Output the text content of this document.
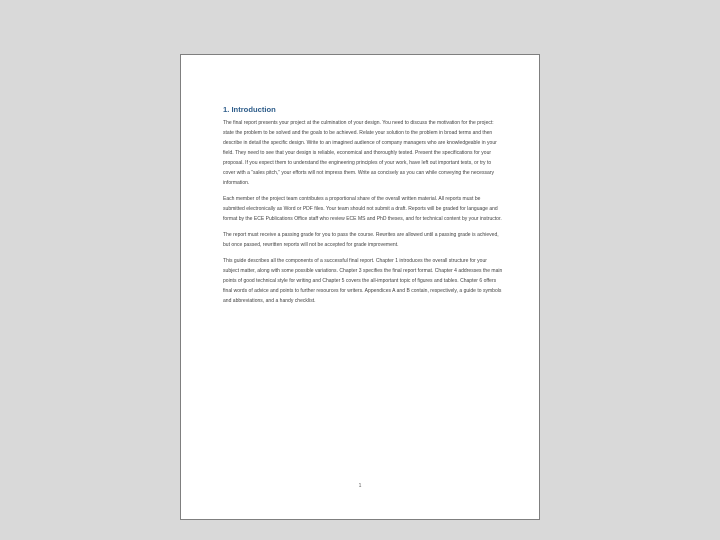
1. Introduction

The final report presents your project at the culmination of your design. You need to discuss the motivation for the project: state the problem to be solved and the goals to be achieved. Relate your solution to the problem in broad terms and then describe in detail the specific design. Write to an imagined audience of company managers who are knowledgeable in your field. They need to see that your design is reliable, economical and thoroughly tested. Present the specifications for your proposal. If you expect them to understand the engineering principles of your work, have left out important tests, or try to cover with a “sales pitch,” your efforts will not impress them. Write as concisely as you can while conveying the necessary information.

Each member of the project team contributes a proportional share of the overall written material. All reports must be submitted electronically as Word or PDF files. Your team should not submit a draft. Reports will be graded for language and format by the ECE Publications Office staff who review ECE MS and PhD theses, and for technical content by your instructor.

The report must receive a passing grade for you to pass the course. Rewrites are allowed until a passing grade is achieved, but once passed, rewritten reports will not be accepted for grade improvement.

This guide describes all the components of a successful final report. Chapter 1 introduces the overall structure for your subject matter, along with some possible variations. Chapter 3 specifies the final report format. Chapter 4 addresses the main points of good technical style for writing and Chapter 5 covers the all-important topic of figures and tables. Chapter 6 offers final words of advice and points to further resources for writers. Appendices A and B contain, respectively, a guide to symbols and abbreviations, and a handy checklist.

1
